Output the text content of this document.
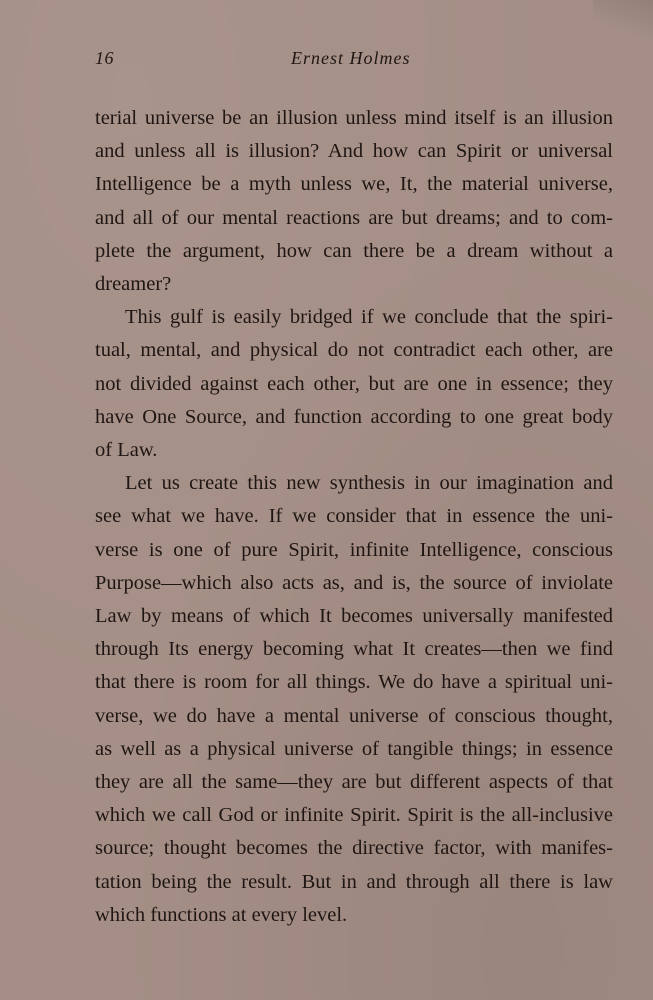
16	Ernest Holmes
terial universe be an illusion unless mind itself is an illusion
and unless all is illusion? And how can Spirit or universal
Intelligence be a myth unless we, It, the material universe,
and all of our mental reactions are but dreams; and to com-
plete the argument, how can there be a dream without a
dreamer?
This gulf is easily bridged if we conclude that the spiri-
tual, mental, and physical do not contradict each other, are
not divided against each other, but are one in essence; they
have One Source, and function according to one great body
of Law.
Let us create this new synthesis in our imagination and
see what we have. If we consider that in essence the uni-
verse is one of pure Spirit, infinite Intelligence, conscious
Purpose—which also acts as, and is, the source of inviolate
Law by means of which It becomes universally manifested
through Its energy becoming what It creates—then we find
that there is room for all things. We do have a spiritual uni-
verse, we do have a mental universe of conscious thought,
as well as a physical universe of tangible things; in essence
they are all the same—they are but different aspects of that
which we call God or infinite Spirit. Spirit is the all-inclusive
source; thought becomes the directive factor, with manifes-
tation being the result. But in and through all there is law
which functions at every level.
